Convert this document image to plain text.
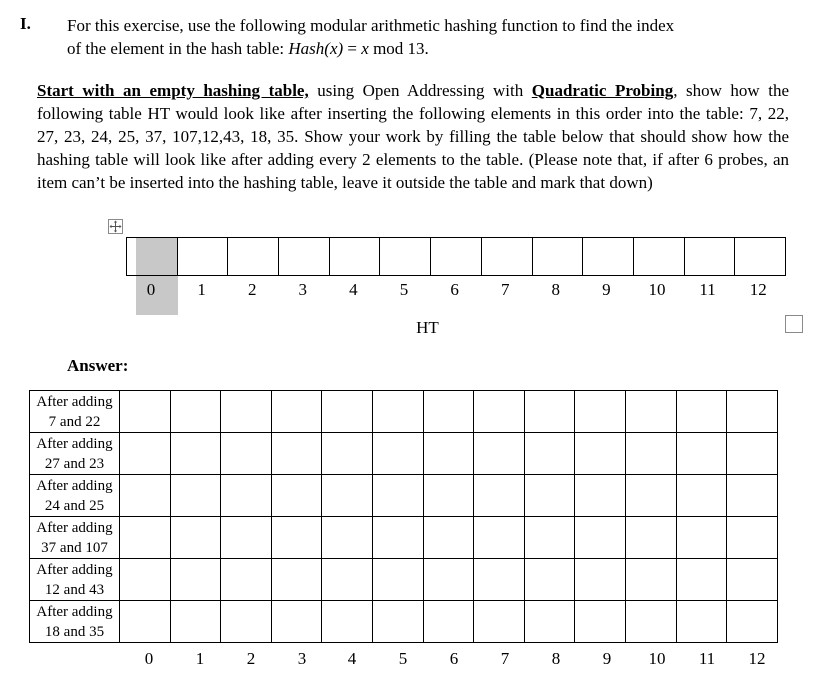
I. For this exercise, use the following modular arithmetic hashing function to find the index
of the element in the hash table: Hash(x) = x mod 13.
Start with an empty hashing table, using Open Addressing with Quadratic Probing, show how the following table HT would look like after inserting the following elements in this order into the table: 7, 22, 27, 23, 24, 25, 37, 107,12,43, 18, 35. Show your work by filling the table below that should show how the hashing table will look like after adding every 2 elements to the table. (Please note that, if after 6 probes, an item can’t be inserted into the hashing table, leave it outside the table and mark that down)

0	1	2	3	4	5	6	7	8	9	10	11	12
HT
Answer:
After adding
7 and 22													

After adding
27 and 23													

After adding
24 and 25													

After adding
37 and 107													

After adding
12 and 43													

After adding
18 and 35													

0	1	2	3	4	5	6	7	8	9	10	11	12
